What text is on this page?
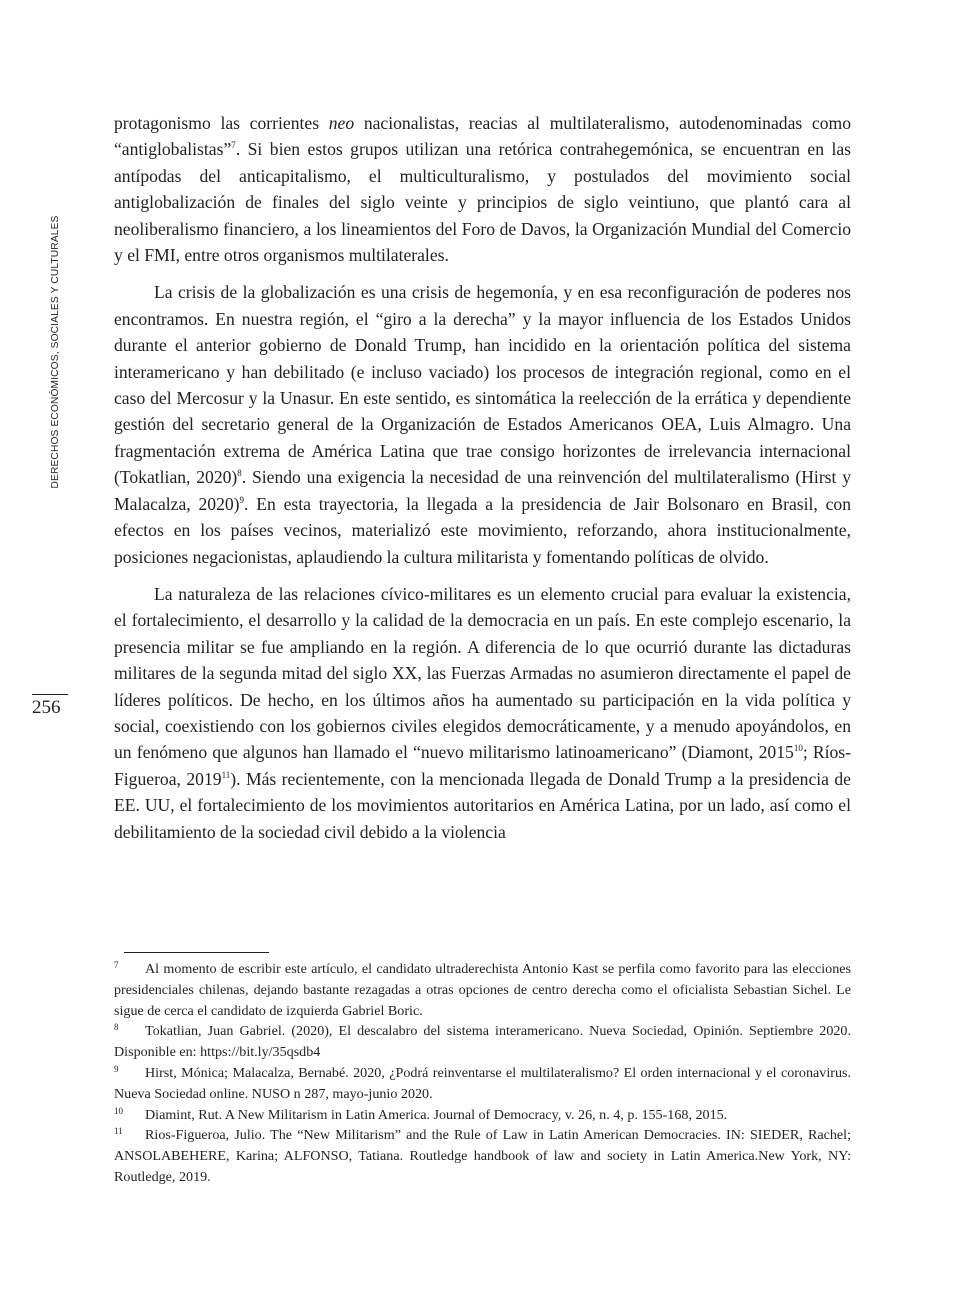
DERECHOS ECONÓMICOS, SOCIALES Y CULTURALES
256

protagonismo las corrientes neo nacionalistas, reacias al multilateralismo, autodenominadas como “antiglobalistas”$^7$. Si bien estos grupos utilizan una retórica contrahegemónica, se encuentran en las antípodas del anticapitalismo, el multiculturalismo, y postulados del movimiento social antiglobalización de finales del siglo veinte y principios de siglo veintiuno, que plantó cara al neoliberalismo financiero, a los lineamientos del Foro de Davos, la Organización Mundial del Comercio y el FMI, entre otros organismos multilaterales.

La crisis de la globalización es una crisis de hegemonía, y en esa reconfiguración de poderes nos encontramos. En nuestra región, el “giro a la derecha” y la mayor influencia de los Estados Unidos durante el anterior gobierno de Donald Trump, han incidido en la orientación política del sistema interamericano y han debilitado (e incluso vaciado) los procesos de integración regional, como en el caso del Mercosur y la Unasur. En este sentido, es sintomática la reelección de la errática y dependiente gestión del secretario general de la Organización de Estados Americanos OEA, Luis Almagro. Una fragmentación extrema de América Latina que trae consigo horizontes de irrelevancia internacional (Tokatlian, 2020)$^8$. Siendo una exigencia la necesidad de una reinvención del multilateralismo (Hirst y Malacalza, 2020)$^9$. En esta trayectoria, la llegada a la presidencia de Jair Bolsonaro en Brasil, con efectos en los países vecinos, materializó este movimiento, reforzando, ahora institucionalmente, posiciones negacionistas, aplaudiendo la cultura militarista y fomentando políticas de olvido.

La naturaleza de las relaciones cívico-militares es un elemento crucial para evaluar la existencia, el fortalecimiento, el desarrollo y la calidad de la democracia en un país. En este complejo escenario, la presencia militar se fue ampliando en la región. A diferencia de lo que ocurrió durante las dictaduras militares de la segunda mitad del siglo XX, las Fuerzas Armadas no asumieron directamente el papel de líderes políticos. De hecho, en los últimos años ha aumentado su participación en la vida política y social, coexistiendo con los gobiernos civiles elegidos democráticamente, y a menudo apoyándolos, en un fenómeno que algunos han llamado el “nuevo militarismo latinoamericano” (Diamont, 2015$^{10}$; Ríos-Figueroa, 2019$^{11}$). Más recientemente, con la mencionada llegada de Donald Trump a la presidencia de EE. UU, el fortalecimiento de los movimientos autoritarios en América Latina, por un lado, así como el debilitamiento de la sociedad civil debido a la violencia

7 Al momento de escribir este artículo, el candidato ultraderechista Antonio Kast se perfila como favorito para las elecciones presidenciales chilenas, dejando bastante rezagadas a otras opciones de centro derecha como el oficialista Sebastian Sichel. Le sigue de cerca el candidato de izquierda Gabriel Boric.

8 Tokatlian, Juan Gabriel. (2020), El descalabro del sistema interamericano. Nueva Sociedad, Opinión. Septiembre 2020. Disponible en: https://bit.ly/35qsdb4

9 Hirst, Mónica; Malacalza, Bernabé. 2020, ¿Podrá reinventarse el multilateralismo? El orden internacional y el coronavirus. Nueva Sociedad online. NUSO n 287, mayo-junio 2020.

10 Diamint, Rut. A New Militarism in Latin America. Journal of Democracy, v. 26, n. 4, p. 155-168, 2015.

11 Rios-Figueroa, Julio. The “New Militarism” and the Rule of Law in Latin American Democracies. IN: SIEDER, Rachel; ANSOLABEHERE, Karina; ALFONSO, Tatiana. Routledge handbook of law and society in Latin America.New York, NY: Routledge, 2019.
